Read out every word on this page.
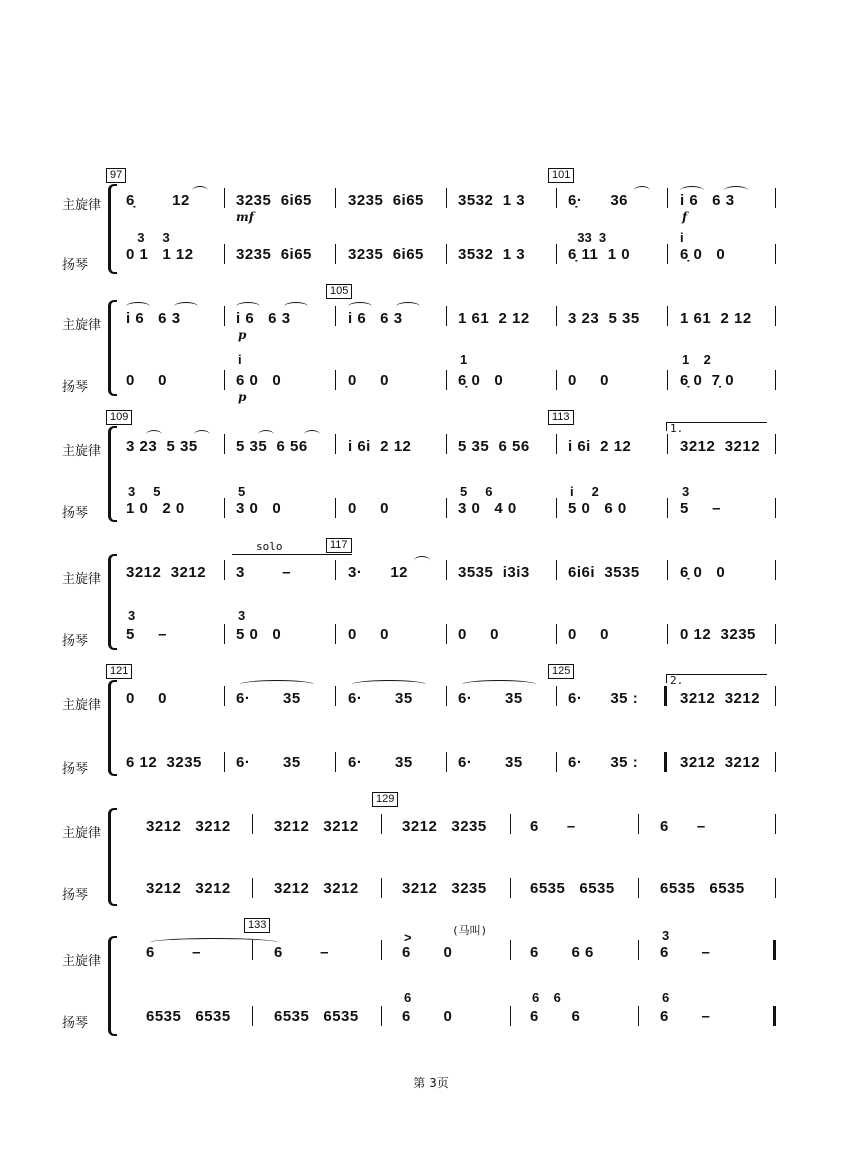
97	101
主旋律
扬琴
6̣        12	3235  6i65 3235  6i65 3532  1 3	6̣·      36	i 6   6 3
mf	f
3     3	33  3	i
0 1   1 12	3235  6i65 3235  6i65 3532  1 3	6̣ 11  1 0	6̣ 0   0
105
主旋律
扬琴
i 6   6 3	i 6   6 3	i 6   6 3	1 61  2 12	3 23  5 35	1 61  2 12
i	1	1    2
0     0	6 0   0	0     0	6̣ 0   0	0     0	6̣ 0  7̣ 0
p
p
109	113
1.
主旋律
扬琴
3 23  5 35	5 35  6 56	i 6i  2 12	5 35  6 56	i 6i  2 12	3212  3212
3     5	5	5     6	i     2	3
1 0   2 0	3 0   0	0     0	3 0   4 0	5 0   6 0	5     –
117
solo
主旋律
扬琴
3212  3212 3        –	3·      12	3535  i3i3	6i6i  3535	6̣ 0   0
3	3
5     –	5 0   0	0     0	0     0	0     0	0 12  3235
121	125
2.
主旋律
扬琴
0     0	6·       35	6·       35	6·       35	6·      35 :	3212  3212
6 12  3235 6·       35	6·       35	6·       35	6·      35 :	3212  3212
129
主旋律
扬琴
3212   3212	3212   3212	3212   3235	6      –	6      –
3212   3212	3212   3212	3212   3235	6535   6535	6535   6535
133	(马叫)
主旋律
扬琴
>	3
6        –	6        –	6       0	6       6 6	6       –
6	6    6	6
6535   6535	6535   6535	6       0	6       6	6       –
第 3页
